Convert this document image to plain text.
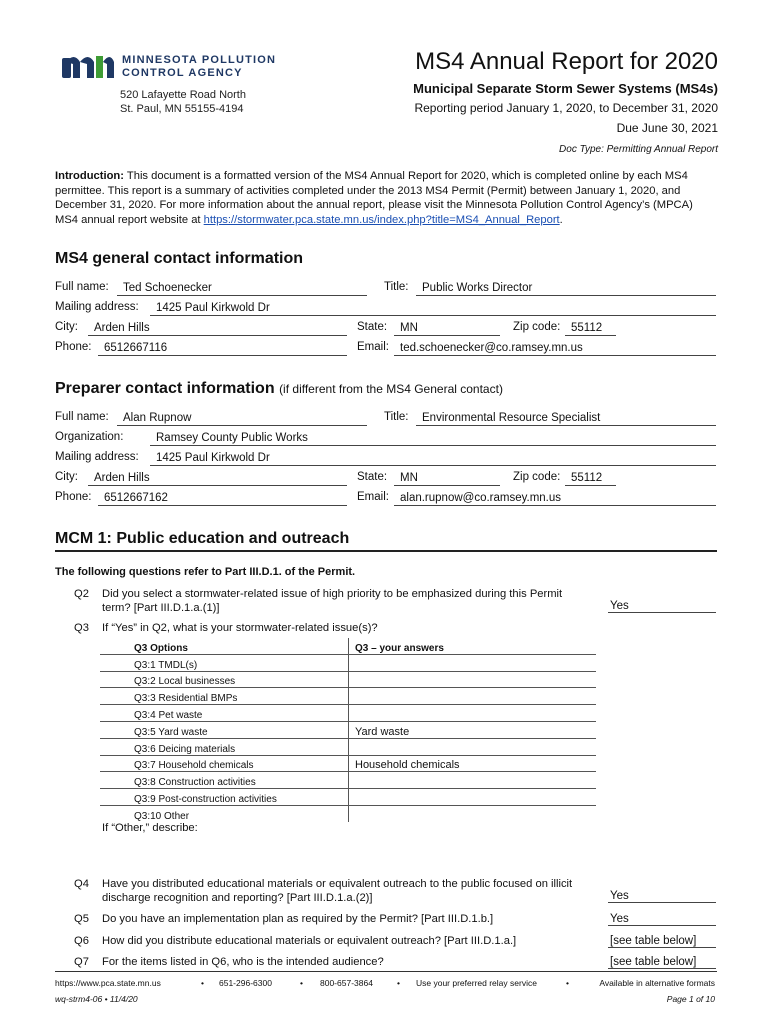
MINNESOTA POLLUTION
CONTROL AGENCY
520 Lafayette Road North
St. Paul, MN 55155-4194
MS4 Annual Report for 2020
Municipal Separate Storm Sewer Systems (MS4s)
Reporting period January 1, 2020, to December 31, 2020
Due June 30, 2021
Doc Type: Permitting Annual Report
Introduction: This document is a formatted version of the MS4 Annual Report for 2020, which is completed online by each MS4 permittee. This report is a summary of activities completed under the 2013 MS4 Permit (Permit) between January 1, 2020, and December 31, 2020. For more information about the annual report, please visit the Minnesota Pollution Control Agency’s (MPCA) MS4 annual report website at https://stormwater.pca.state.mn.us/index.php?title=MS4_Annual_Report.
MS4 general contact information
Full name:	Ted Schoenecker	Title:	Public Works Director
Mailing address:	1425 Paul Kirkwold Dr
City:	Arden Hills	State:	MN	Zip code: 55112
Phone:	6512667116	Email: ted.schoenecker@co.ramsey.mn.us
Preparer contact information (if different from the MS4 General contact)
Full name:	Alan Rupnow	Title:	Environmental Resource Specialist
Organization:	Ramsey County Public Works
Mailing address:	1425 Paul Kirkwold Dr
City:	Arden Hills	State:	MN	Zip code: 55112
Phone:	6512667162	Email: alan.rupnow@co.ramsey.mn.us
MCM 1: Public education and outreach
The following questions refer to Part III.D.1. of the Permit.
Q2 Did you select a stormwater-related issue of high priority to be emphasized during this Permit term? [Part III.D.1.a.(1)]	Yes
Q3 If “Yes” in Q2, what is your stormwater-related issue(s)?
Q3 Options	Q3 – your answers
Q3:1 TMDL(s)	
Q3:2 Local businesses	
Q3:3 Residential BMPs	
Q3:4 Pet waste	
Q3:5 Yard waste	Yard waste
Q3:6 Deicing materials	
Q3:7 Household chemicals	Household chemicals
Q3:8 Construction activities	
Q3:9 Post-construction activities	
Q3:10 Other	
If “Other,” describe:
Q4 Have you distributed educational materials or equivalent outreach to the public focused on illicit discharge recognition and reporting? [Part III.D.1.a.(2)]	Yes
Q5 Do you have an implementation plan as required by the Permit? [Part III.D.1.b.]	Yes
Q6 How did you distribute educational materials or equivalent outreach? [Part III.D.1.a.]	[see table below]
Q7 For the items listed in Q6, who is the intended audience?	[see table below]
https://www.pca.state.mn.us	• 651-296-6300	• 800-657-3864	• Use your preferred relay service	•	Available in alternative formats
wq-strm4-06 • 11/4/20	Page 1 of 10
